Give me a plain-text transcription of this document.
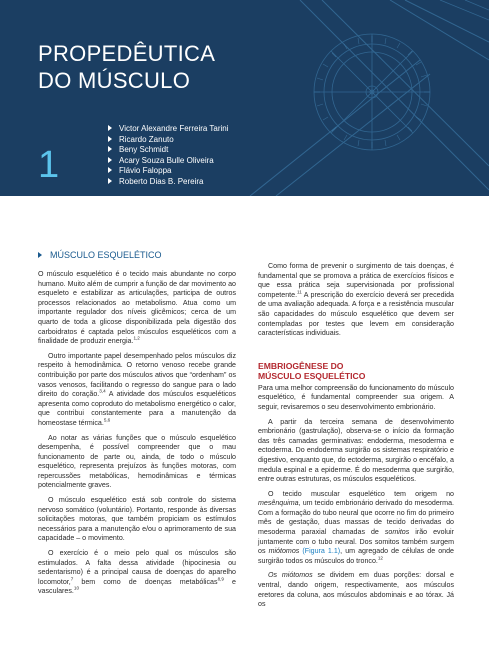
PROPEDÊUTICA
DO MÚSCULO
1
Victor Alexandre Ferreira Tarini
Ricardo Zanuto
Beny Schmidt
Acary Souza Bulle Oliveira
Flávio Faloppa
Roberto Dias B. Pereira
MÚSCULO ESQUELÉTICO

O músculo esquelético é o tecido mais abundante no corpo humano. Muito além de cumprir a função de dar movimento ao esqueleto e estabilizar as articulações, participa de outros processos relacionados ao metabolismo. Atua como um importante regulador dos níveis glicêmicos; cerca de um quarto de toda a glicose disponibilizada pela digestão dos carboidratos é captada pelos músculos esqueléticos com a finalidade de produzir energia.$^{1,2}$

Outro importante papel desempenhado pelos músculos diz respeito à hemodinâmica. O retorno venoso recebe grande contribuição por parte dos músculos ativos que “ordenham” os vasos venosos, facilitando o regresso do sangue para o lado direito do coração.$^{3,4}$ A atividade dos músculos esqueléticos apresenta como coproduto do metabolismo energético o calor, que contribui constantemente para a manutenção da homeostase térmica.$^{5,6}$

Ao notar as várias funções que o músculo esquelético desempenha, é possível compreender que o mau funcionamento de parte ou, ainda, de todo o músculo esquelético, representa prejuízos às funções motoras, com repercussões metabólicas, hemodinâmicas e térmicas potencialmente graves.

O músculo esquelético está sob controle do sistema nervoso somático (voluntário). Portanto, responde às diversas solicitações motoras, que também propiciam os estímulos necessários para a manutenção e/ou o aprimoramento de sua capacidade – o movimento.

O exercício é o meio pelo qual os músculos são estimulados. A falta dessa atividade (hipocinesia ou sedentarismo) é a principal causa de doenças do aparelho locomotor,$^7$ bem como de doenças metabólicas$^{8,9}$ e vasculares.$^{10}$

Como forma de prevenir o surgimento de tais doenças, é fundamental que se promova a prática de exercícios físicos e que essa prática seja supervisionada por profissional competente.$^{11}$ A prescrição do exercício deverá ser precedida de uma avaliação adequada. A força e a resistência muscular são capacidades do músculo esquelético que devem ser contempladas por testes que levem em consideração características individuais.

EMBRIOGÊNESE DO
MÚSCULO ESQUELÉTICO

Para uma melhor compreensão do funcionamento do músculo esquelético, é fundamental compreender sua origem. A seguir, revisaremos o seu desenvolvimento embrionário.

A partir da terceira semana de desenvolvimento embrionário (gastrulação), observa-se o início da formação das três camadas germinativas: endoderma, mesoderma e ectoderma. Do endoderma surgirão os sistemas respiratório e digestivo, enquanto que, do ectoderma, surgirão o encéfalo, a medula espinal e a epiderme. É do mesoderma que surgirão, entre outras estruturas, os músculos esqueléticos.

O tecido muscular esquelético tem origem no mesênquima, um tecido embrionário derivado do mesoderma. Com a formação do tubo neural que ocorre no fim do primeiro mês de gestação, duas massas de tecido derivadas do mesoderma paraxial chamadas de somitos irão evoluir juntamente com o tubo neural. Dos somitos também surgem os miótomos (Figura 1.1), um agregado de células de onde surgirão todos os músculos do tronco.$^{12}$

Os miótomos se dividem em duas porções: dorsal e ventral, dando origem, respectivamente, aos músculos eretores da coluna, aos músculos abdominais e ao tórax. Já os
